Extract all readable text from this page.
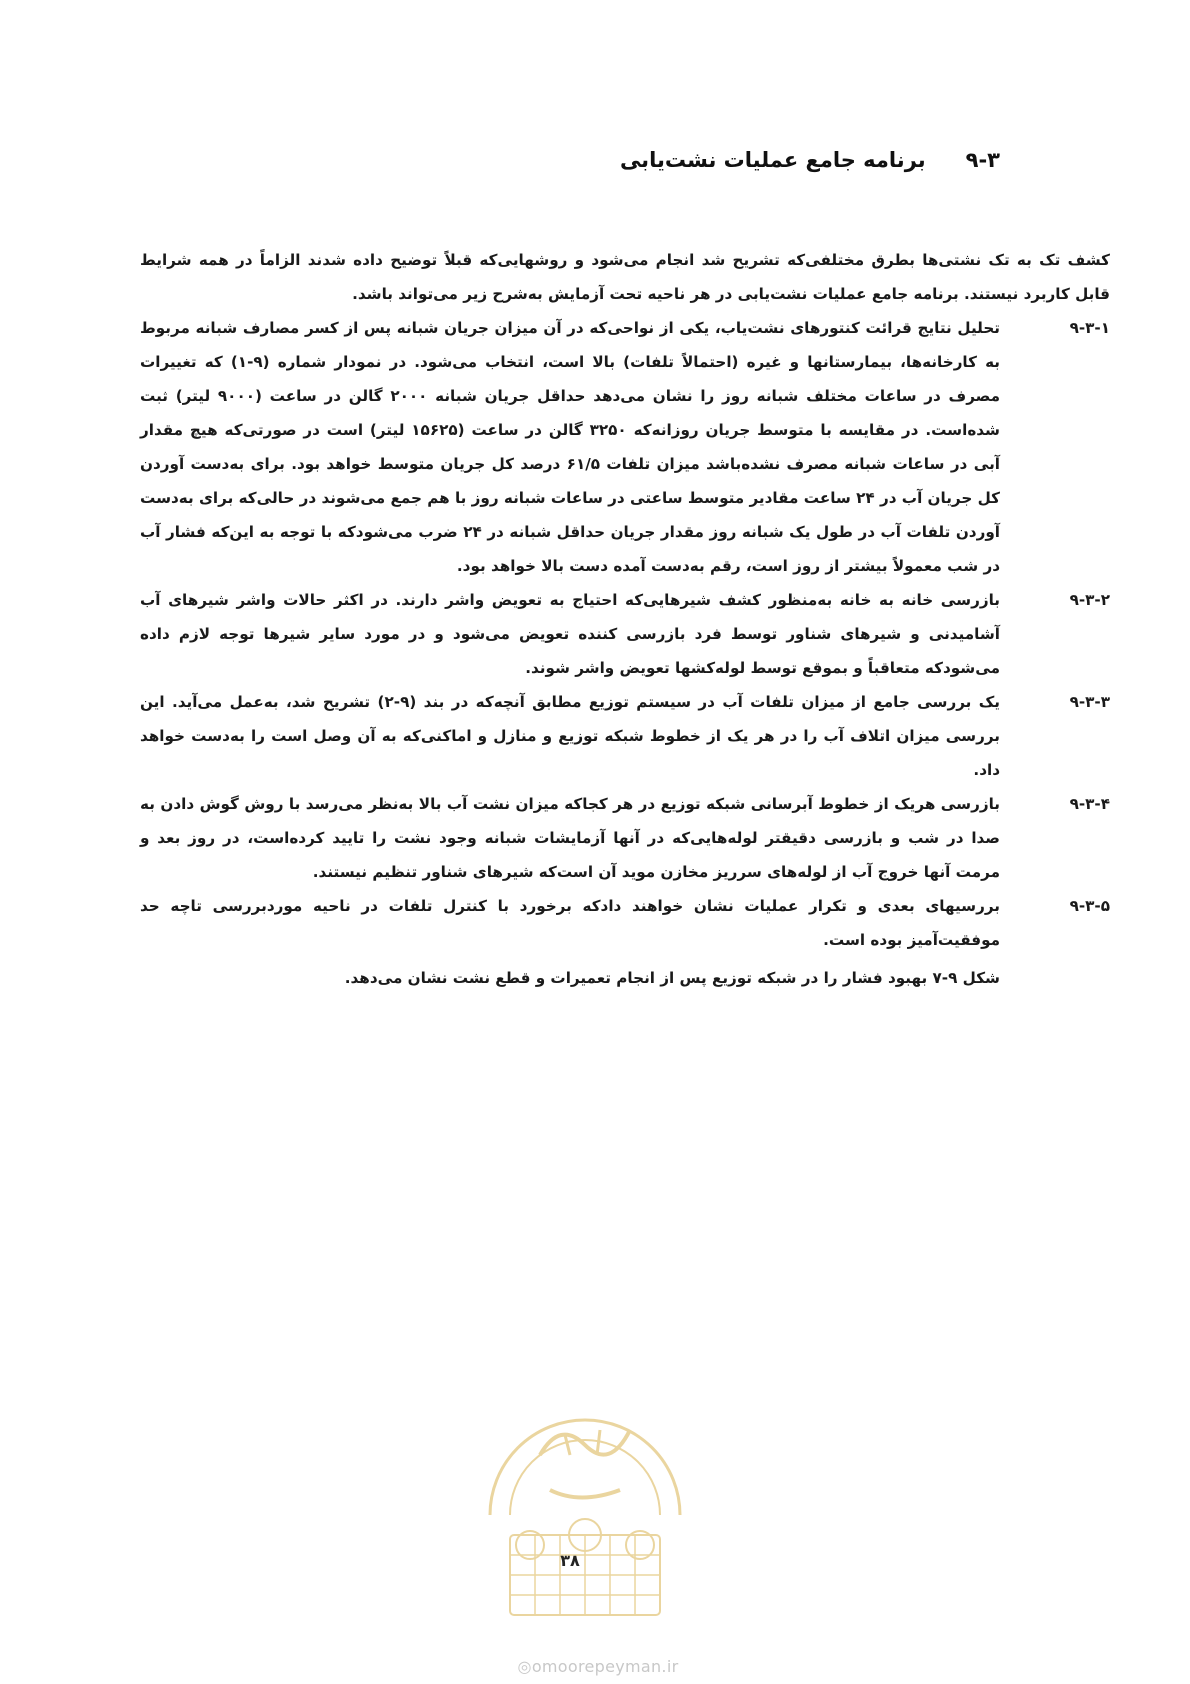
۹-۳
برنامه جامع عملیات نشت‌یابی

کشف تک به تک نشتی‌ها بطرق مختلفی‌که تشریح شد انجام می‌شود و روشهایی‌که قبلاً توضیح داده شدند الزاماً در همه شرایط قابل کاربرد نیستند. برنامه جامع عملیات نشت‌یابی در هر ناحیه تحت آزمایش به‌شرح زیر می‌تواند باشد.

۹-۳-۱

تحلیل نتایج قرائت کنتورهای نشت‌یاب، یکی از نواحی‌که در آن میزان جریان شبانه پس از کسر مصارف شبانه مربوط به کارخانه‌ها، بیمارستانها و غیره (احتمالاً تلفات) بالا است، انتخاب می‌شود. در نمودار شماره (۹-۱) که تغییرات مصرف در ساعات مختلف شبانه روز را نشان می‌دهد حداقل جریان شبانه ۲۰۰۰ گالن در ساعت (۹۰۰۰ لیتر) ثبت شده‌است. در مقایسه با متوسط جریان روزانه‌که ۳۲۵۰ گالن در ساعت (۱۵۶۲۵ لیتر) است در صورتی‌که هیچ مقدار آبی در ساعات شبانه مصرف نشده‌باشد میزان تلفات ۶۱/۵ درصد کل جریان متوسط خواهد بود. برای به‌دست آوردن کل جریان آب در ۲۴ ساعت مقادیر متوسط ساعتی در ساعات شبانه روز با هم جمع می‌شوند در حالی‌که برای به‌دست آوردن تلفات آب در طول یک شبانه روز مقدار جریان حداقل شبانه در ۲۴ ضرب می‌شودکه با توجه به این‌که فشار آب در شب معمولاً بیشتر از روز است، رقم به‌دست آمده دست بالا خواهد بود.

۹-۳-۲

بازرسی خانه به خانه به‌منظور کشف شیرهایی‌که احتیاج به تعویض واشر دارند. در اکثر حالات واشر شیرهای آب آشامیدنی و شیرهای شناور توسط فرد بازرسی کننده تعویض می‌شود و در مورد سایر شیرها توجه لازم داده می‌شودکه متعاقباً و بموقع توسط لوله‌کشها تعویض واشر شوند.

۹-۳-۳

یک بررسی جامع از میزان تلفات آب در سیستم توزیع مطابق آنچه‌که در بند (۹-۲) تشریح شد، به‌عمل می‌آید. این بررسی میزان اتلاف آب را در هر یک از خطوط شبکه توزیع و منازل و اماکنی‌که به آن وصل است را به‌دست خواهد داد.

۹-۳-۴

بازرسی هریک از خطوط آبرسانی شبکه توزیع در هر کجا‌که میزان نشت آب بالا به‌نظر می‌رسد با روش گوش دادن به صدا در شب و بازرسی دقیقتر لوله‌هایی‌که در آنها آزمایشات شبانه وجود نشت را تایید کرده‌است، در روز بعد و مرمت آنها خروج آب از لوله‌های سرریز مخازن موید آن است‌که شیرهای شناور تنظیم نیستند.

۹-۳-۵

بررسیهای بعدی و تکرار عملیات نشان خواهند داد‌که برخورد با کنترل تلفات در ناحیه موردبررسی تاچه حد موفقیت‌آمیز بوده است.

شکل ۹-۷ بهبود فشار را در شبکه توزیع پس از انجام تعمیرات و قطع نشت نشان می‌دهد.

۳۸
◎omoorepeyman.ir
